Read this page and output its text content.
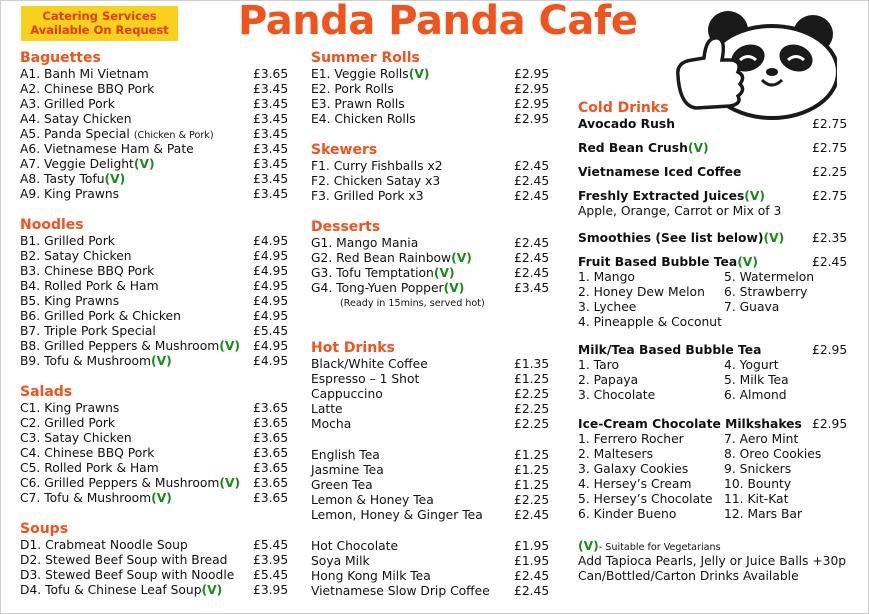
Catering Services
Available On Request Panda Panda Cafe
Baguettes
A1. Banh Mi Vietnam	£3.65
A2. Chinese BBQ Pork	£3.45
A3. Grilled Pork	£3.45
A4. Satay Chicken	£3.45
A5. Panda Special (Chicken & Pork)	£3.45
A6. Vietnamese Ham & Pate	£3.45
A7. Veggie Delight(V)	£3.45
A8. Tasty Tofu(V)	£3.45
A9. King Prawns	£3.45
Noodles
B1. Grilled Pork	£4.95
B2. Satay Chicken	£4.95
B3. Chinese BBQ Pork	£4.95
B4. Rolled Pork & Ham	£4.95
B5. King Prawns	£4.95
B6. Grilled Pork & Chicken	£4.95
B7. Triple Pork Special	£5.45
B8. Grilled Peppers & Mushroom(V) £4.95
B9. Tofu & Mushroom(V)	£4.95
Salads
C1. King Prawns	£3.65
C2. Grilled Pork	£3.65
C3. Satay Chicken	£3.65
C4. Chinese BBQ Pork	£3.65
C5. Rolled Pork & Ham	£3.65
C6. Grilled Peppers & Mushroom(V) £3.65
C7. Tofu & Mushroom(V)	£3.65
Soups
D1. Crabmeat Noodle Soup	£5.45
D2. Stewed Beef Soup with Bread £3.95
D3. Stewed Beef Soup with Noodle £5.45
D4. Tofu & Chinese Leaf Soup(V) £3.95
Summer Rolls
E1. Veggie Rolls(V)	£2.95
E2. Pork Rolls	£2.95
E3. Prawn Rolls	£2.95
E4. Chicken Rolls	£2.95
Skewers
F1. Curry Fishballs x2	£2.45
F2. Chicken Satay x3	£2.45
F3. Grilled Pork x3	£2.45
Desserts
G1. Mango Mania	£2.45
G2. Red Bean Rainbow(V)	£2.45
G3. Tofu Temptation(V)	£2.45
G4. Tong-Yuen Popper(V)	£3.45
(Ready in 15mins, served hot)
Hot Drinks
Black/White Coffee	£1.35
Espresso – 1 Shot	£1.25
Cappuccino	£2.25
Latte	£2.25
Mocha	£2.25
English Tea	£1.25
Jasmine Tea	£1.25
Green Tea	£1.25
Lemon & Honey Tea	£2.25
Lemon, Honey & Ginger Tea	£2.45
Hot Chocolate	£1.95
Soya Milk	£1.95
Hong Kong Milk Tea	£2.45
Vietnamese Slow Drip Coffee £2.45
Cold Drinks
Avocado Rush	£2.75
Red Bean Crush(V)	£2.75
Vietnamese Iced Coffee	£2.25
Freshly Extracted Juices(V)	£2.75
Apple, Orange, Carrot or Mix of 3
Smoothies (See list below)(V) £2.35
Fruit Based Bubble Tea(V)	£2.45
1. Mango
2. Honey Dew Melon
3. Lychee
4. Pineapple & Coconut
5. Watermelon
6. Strawberry
7. Guava
Milk/Tea Based Bubble Tea	£2.95
1. Taro
2. Papaya
3. Chocolate
4. Yogurt
5. Milk Tea
6. Almond
Ice-Cream Chocolate Milkshakes £2.95
1. Ferrero Rocher
2. Maltesers
3. Galaxy Cookies
4. Hersey’s Cream
5. Hersey’s Chocolate
6. Kinder Bueno
7. Aero Mint
8. Oreo Cookies
9. Snickers
10. Bounty
11. Kit-Kat
12. Mars Bar
(V)- Suitable for Vegetarians
Add Tapioca Pearls, Jelly or Juice Balls +30p
Can/Bottled/Carton Drinks Available
